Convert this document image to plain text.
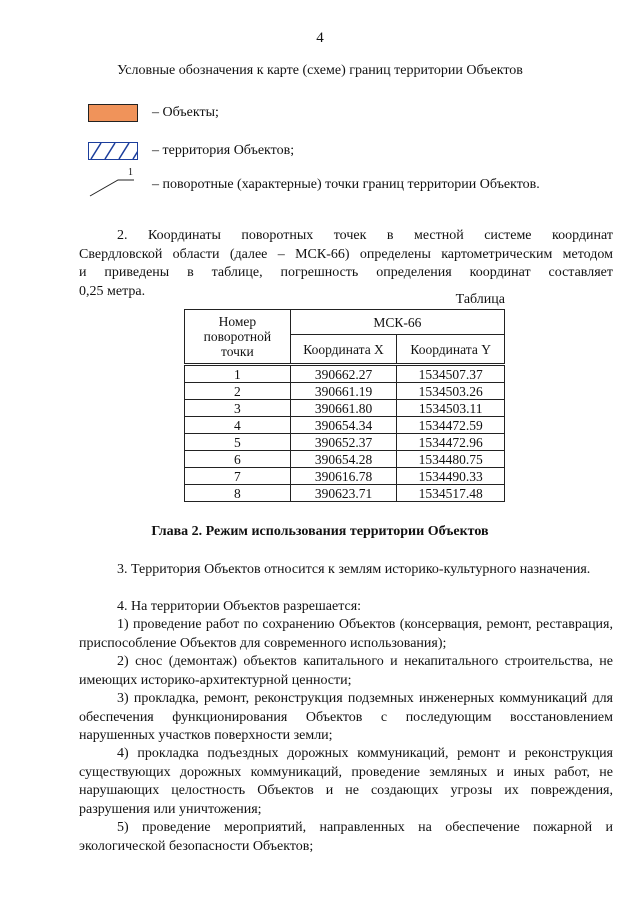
4
Условные обозначения к карте (схеме) границ территории Объектов
– Объекты;
– территория Объектов;
1
– поворотные (характерные) точки границ территории Объектов.
2. Координаты поворотных точек в местной системе координат
Свердловской области (далее – МСК-66) определены картометрическим методом
и приведены в таблице, погрешность определения координат составляет
0,25 метра.
Таблица
Номер поворотной точки	МСК-66	
	Координата X	Координата Y
1	390662.27	1534507.37
2	390661.19	1534503.26
3	390661.80	1534503.11
4	390654.34	1534472.59
5	390652.37	1534472.96
6	390654.28	1534480.75
7	390616.78	1534490.33
8	390623.71	1534517.48
Глава 2. Режим использования территории Объектов
3. Территория Объектов относится к землям историко-культурного назначения.
4. На территории Объектов разрешается:
1) проведение работ по сохранению Объектов (консервация, ремонт, реставрация, приспособление Объектов для современного использования);
2) снос (демонтаж) объектов капитального и некапитального строительства, не имеющих историко-архитектурной ценности;
3) прокладка, ремонт, реконструкция подземных инженерных коммуникаций для обеспечения функционирования Объектов с последующим восстановлением нарушенных участков поверхности земли;
4) прокладка подъездных дорожных коммуникаций, ремонт и реконструкция существующих дорожных коммуникаций, проведение земляных и иных работ, не нарушающих целостность Объектов и не создающих угрозы их повреждения, разрушения или уничтожения;
5) проведение мероприятий, направленных на обеспечение пожарной и экологической безопасности Объектов;
